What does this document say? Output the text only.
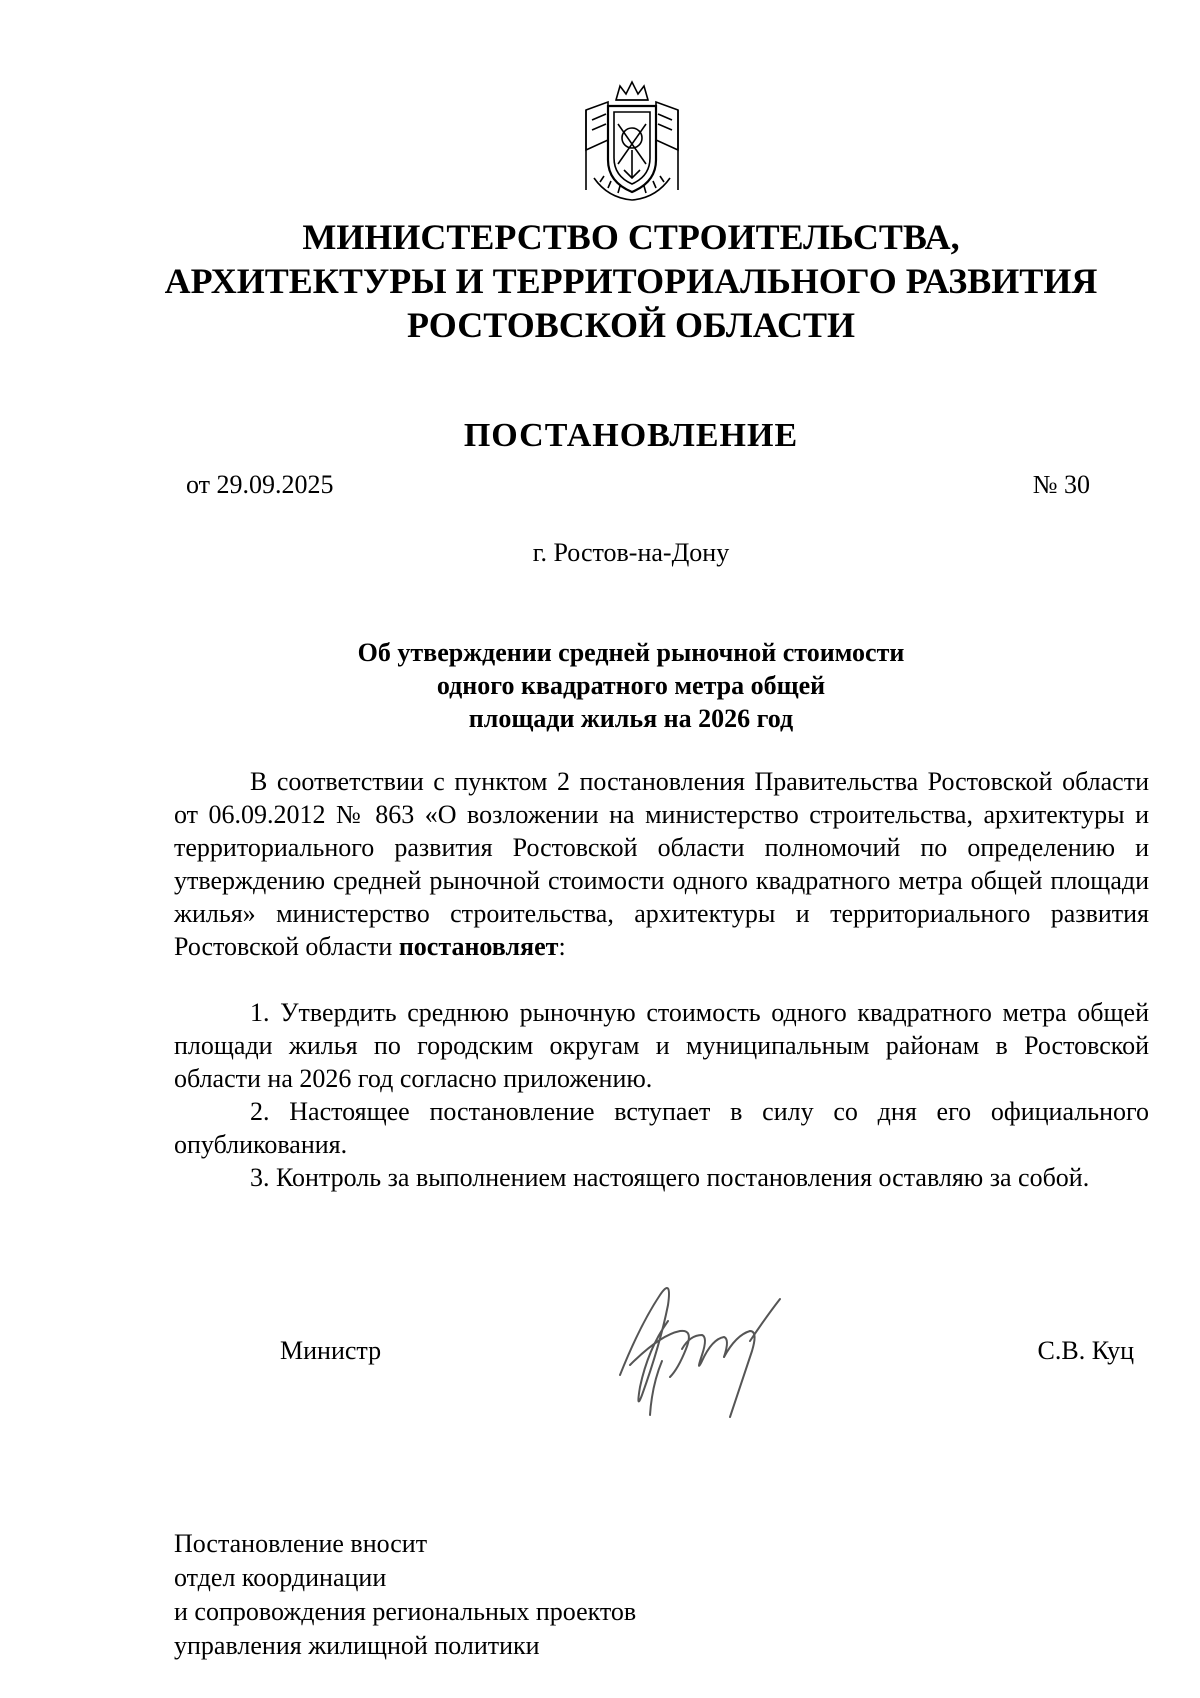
МИНИСТЕРСТВО СТРОИТЕЛЬСТВА,
АРХИТЕКТУРЫ И ТЕРРИТОРИАЛЬНОГО РАЗВИТИЯ
РОСТОВСКОЙ ОБЛАСТИ
ПОСТАНОВЛЕНИЕ
от 29.09.2025	№ 30
г. Ростов-на-Дону
Об утверждении средней рыночной стоимости
одного квадратного метра общей
площади жилья на 2026 год

В соответствии с пунктом 2 постановления Правительства Ростовской области от 06.09.2012 № 863 «О возложении на министерство строительства, архитектуры и территориального развития Ростовской области полномочий по определению и утверждению средней рыночной стоимости одного квадратного метра общей площади жилья» министерство строительства, архитектуры и территориального развития Ростовской области постановляет:

1. Утвердить среднюю рыночную стоимость одного квадратного метра общей площади жилья по городским округам и муниципальным районам в Ростовской области на 2026 год согласно приложению.

2. Настоящее постановление вступает в силу со дня его официального опубликования.

3. Контроль за выполнением настоящего постановления оставляю за собой.

Министр	С.В. Куц
Постановление вносит
отдел координации
и сопровождения региональных проектов
управления жилищной политики
